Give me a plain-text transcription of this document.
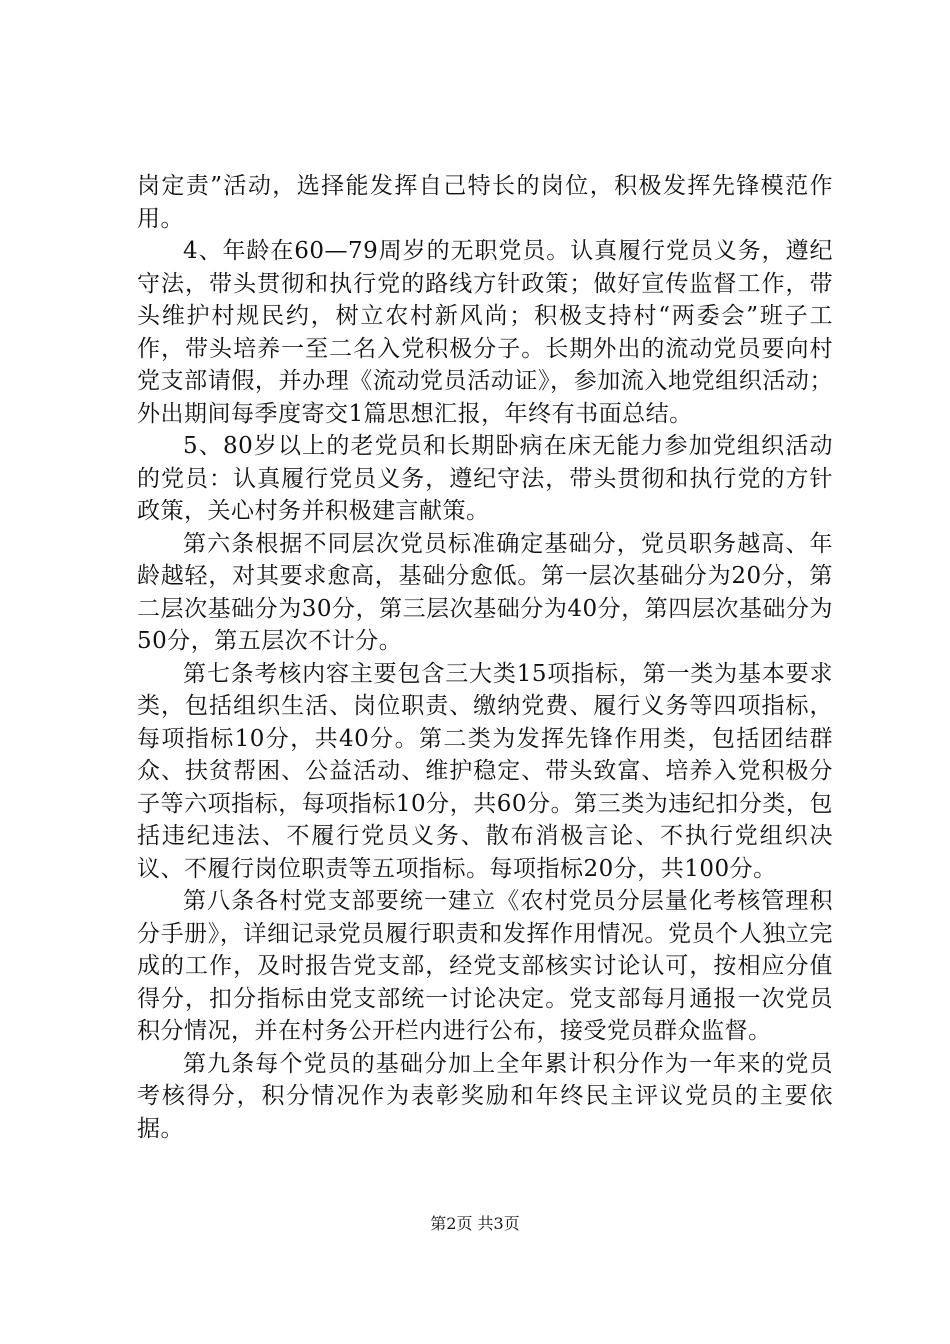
岗定责”活动，选择能发挥自己特长的岗位，积极发挥先锋模范作用。

4、年龄在60—79周岁的无职党员。认真履行党员义务，遵纪守法，带头贯彻和执行党的路线方针政策；做好宣传监督工作，带头维护村规民约，树立农村新风尚；积极支持村“两委会”班子工作，带头培养一至二名入党积极分子。长期外出的流动党员要向村党支部请假，并办理《流动党员活动证》，参加流入地党组织活动；外出期间每季度寄交1篇思想汇报，年终有书面总结。

5、80岁以上的老党员和长期卧病在床无能力参加党组织活动的党员：认真履行党员义务，遵纪守法，带头贯彻和执行党的方针政策，关心村务并积极建言献策。

第六条根据不同层次党员标准确定基础分，党员职务越高、年龄越轻，对其要求愈高，基础分愈低。第一层次基础分为20分，第二层次基础分为30分，第三层次基础分为40分，第四层次基础分为50分，第五层次不计分。

第七条考核内容主要包含三大类15项指标，第一类为基本要求类，包括组织生活、岗位职责、缴纳党费、履行义务等四项指标，每项指标10分，共40分。第二类为发挥先锋作用类，包括团结群众、扶贫帮困、公益活动、维护稳定、带头致富、培养入党积极分子等六项指标，每项指标10分，共60分。第三类为违纪扣分类，包括违纪违法、不履行党员义务、散布消极言论、不执行党组织决议、不履行岗位职责等五项指标。每项指标20分，共100分。

第八条各村党支部要统一建立《农村党员分层量化考核管理积分手册》，详细记录党员履行职责和发挥作用情况。党员个人独立完成的工作，及时报告党支部，经党支部核实讨论认可，按相应分值得分，扣分指标由党支部统一讨论决定。党支部每月通报一次党员积分情况，并在村务公开栏内进行公布，接受党员群众监督。

第九条每个党员的基础分加上全年累计积分作为一年来的党员考核得分，积分情况作为表彰奖励和年终民主评议党员的主要依据。

第2页 共3页
